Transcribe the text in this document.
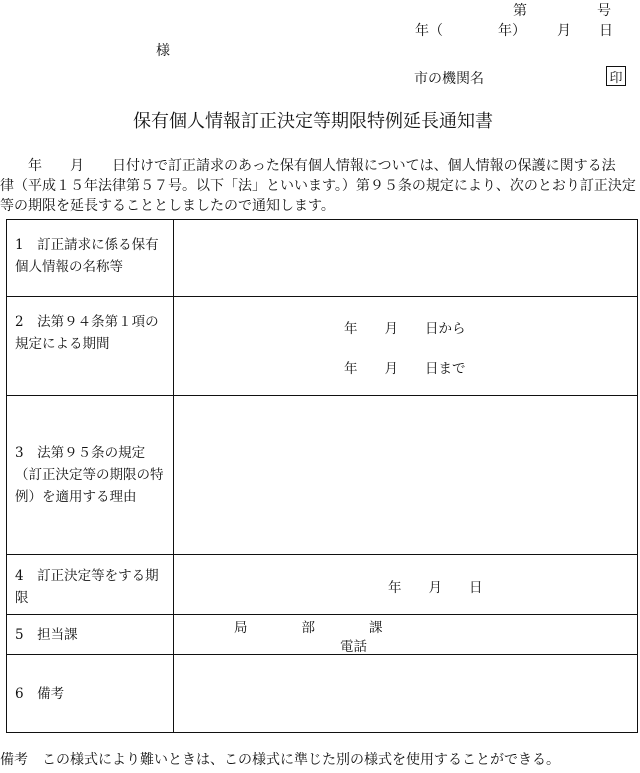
第	号
年（	年） 月 日
様
市の機関名	印
保有個人情報訂正決定等期限特例延長通知書
　　年　　月　　日付けで訂正請求のあった保有個人情報については、個人情報の保護に関する法
律（平成１５年法律第５７号。以下「法」といいます。）第９５条の規定により、次のとおり訂正決定
等の期限を延長することとしましたので通知します。
1　訂正請求に係る保有個人情報の名称等	

2　法第９４条第１項の規定による期間	年　　月　　日から
年　　月　　日まで

3　法第９５条の規定（訂正決定等の期限の特例）を適用する理由	

4　訂正決定等をする期限	年　　月　　日

5　担当課	局　　　　部　　　　課
電話

6　備考	

備考　この様式により難いときは、この様式に準じた別の様式を使用することができる。
